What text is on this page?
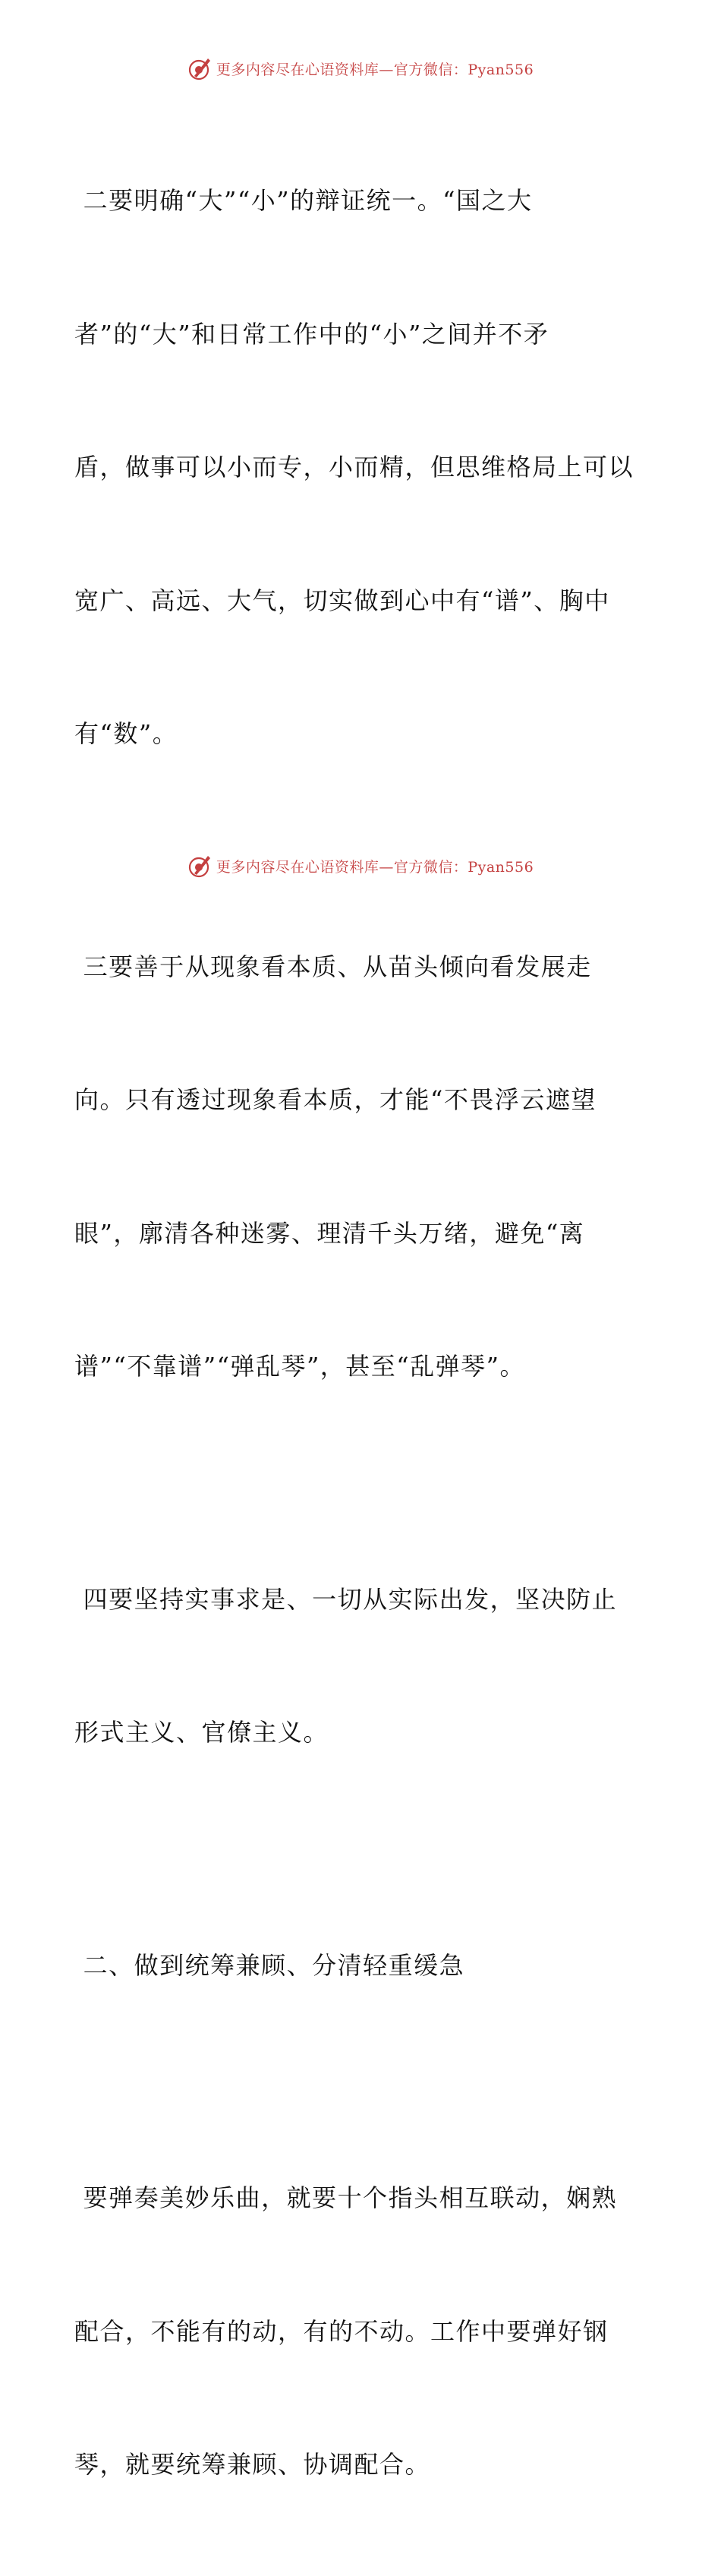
更多内容尽在心语资料库—官方微信：Pyan556

二要明确“大”“小”的辩证统一。“国之大

者”的“大”和日常工作中的“小”之间并不矛

盾，做事可以小而专，小而精，但思维格局上可以

宽广、高远、大气，切实做到心中有“谱”、胸中

有“数”。

三要善于从现象看本质、从苗头倾向看发展走

向。只有透过现象看本质，才能“不畏浮云遮望

眼”，廓清各种迷雾、理清千头万绪，避免“离

谱”“不靠谱”“弹乱琴”，甚至“乱弹琴”。

四要坚持实事求是、一切从实际出发，坚决防止

形式主义、官僚主义。

二、做到统筹兼顾、分清轻重缓急

要弹奏美妙乐曲，就要十个指头相互联动，娴熟

配合，不能有的动，有的不动。工作中要弹好钢

琴，就要统筹兼顾、协调配合。

更多内容尽在心语资料库—官方微信：Pyan556
